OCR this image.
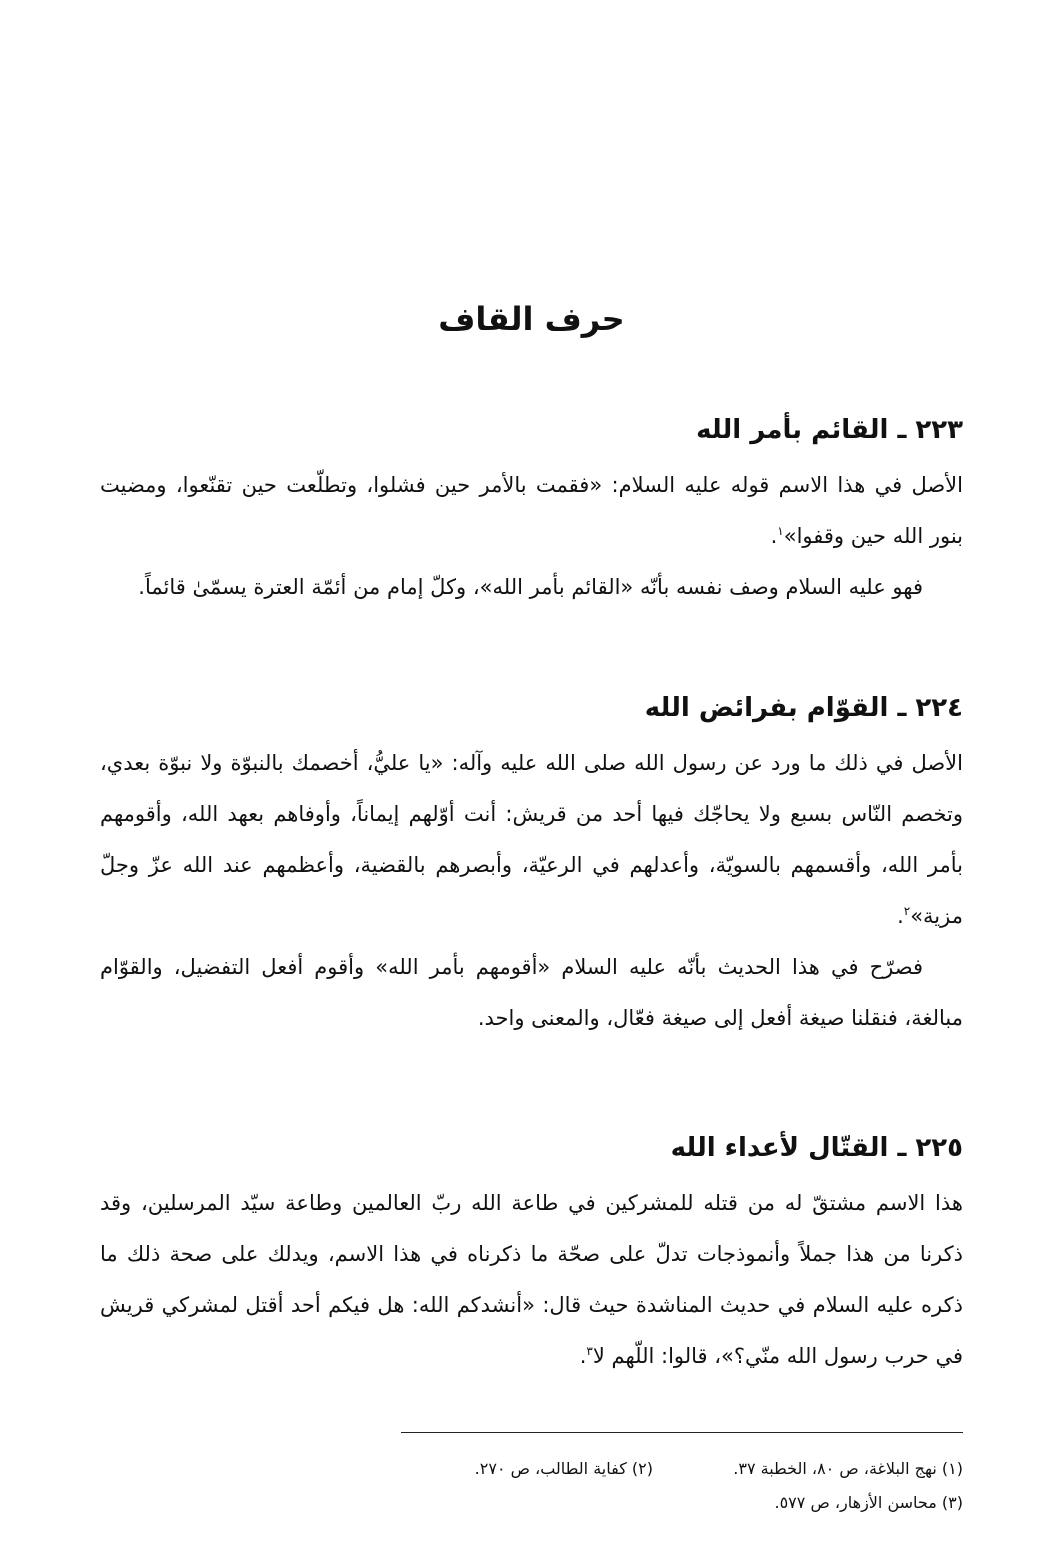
حرف القاف
٢٢٣ ـ القائم بأمر الله

الأصل في هذا الاسم قوله عليه السلام: «فقمت بالأمر حين فشلوا، وتطلّعت حين تقنّعوا، ومضيت بنور الله حين وقفوا»$^١$.

فهو عليه السلام وصف نفسه بأنّه «القائم بأمر الله»، وكلّ إمام من أئمّة العترة يسمّىٰ قائماً.

٢٢٤ ـ القوّام بفرائض الله

الأصل في ذلك ما ورد عن رسول الله صلى الله عليه وآله: «يا عليُّ، أخصمك بالنبوّة ولا نبوّة بعدي، وتخصم النّاس بسبع ولا يحاجّك فيها أحد من قريش: أنت أوّلهم إيماناً، وأوفاهم بعهد الله، وأقومهم بأمر الله، وأقسمهم بالسويّة، وأعدلهم في الرعيّة، وأبصرهم بالقضية، وأعظمهم عند الله عزّ وجلّ مزية»$^٢$.

فصرّح في هذا الحديث بأنّه عليه السلام «أقومهم بأمر الله» وأقوم أفعل التفضيل، والقوّام مبالغة، فنقلنا صيغة أفعل إلى صيغة فعّال، والمعنى واحد.

٢٢٥ ـ القتّال لأعداء الله

هذا الاسم مشتقّ له من قتله للمشركين في طاعة الله ربّ العالمين وطاعة سيّد المرسلين، وقد ذكرنا من هذا جملاً وأنموذجات تدلّ على صحّة ما ذكرناه في هذا الاسم، ويدلك على صحة ذلك ما ذكره عليه السلام في حديث المناشدة حيث قال: «أنشدكم الله: هل فيكم أحد أقتل لمشركي قريش في حرب رسول الله منّي؟»، قالوا: اللّهم لا$^٣$.

(١) نهج البلاغة، ص ٨٠، الخطبة ٣٧.
(٢) كفاية الطالب، ص ٢٧٠.
(٣) محاسن الأزهار، ص ٥٧٧.
